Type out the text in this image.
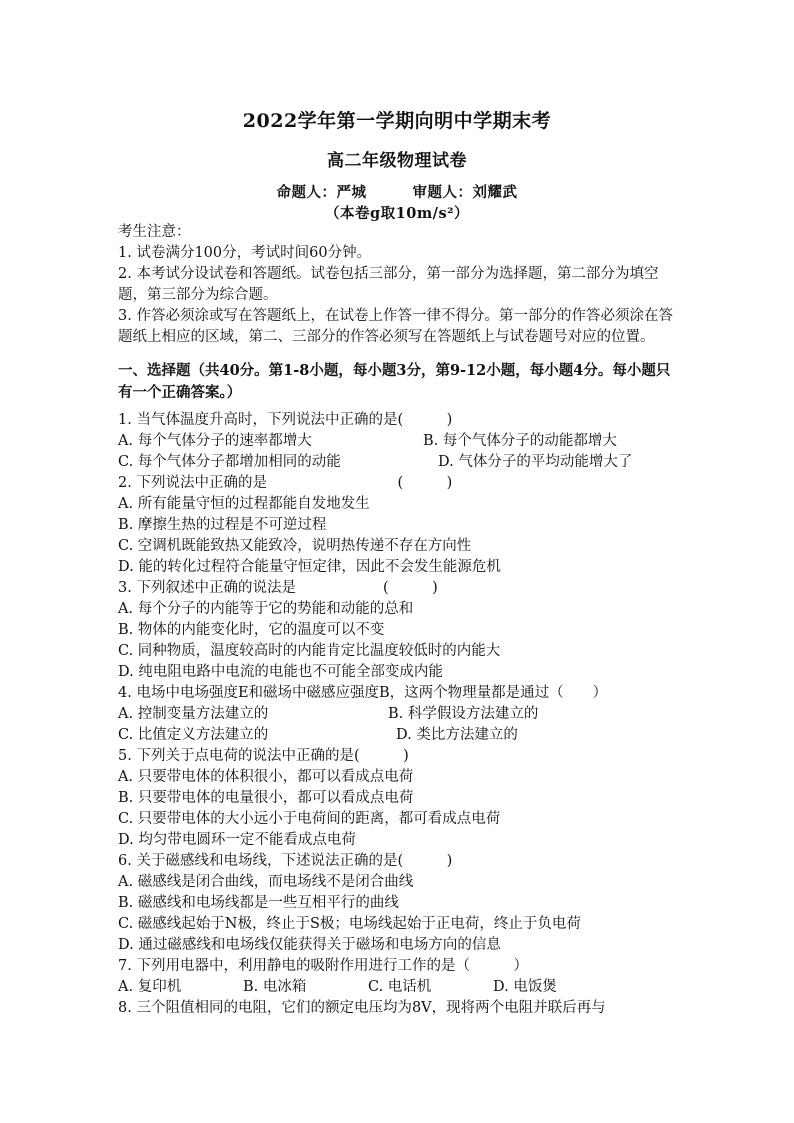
2022学年第一学期向明中学期末考
高二年级物理试卷
命题人：严城	审题人：刘耀武
（本卷g取10m/s²）
考生注意：
1. 试卷满分100分，考试时间60分钟。
2. 本考试分设试卷和答题纸。试卷包括三部分，第一部分为选择题，第二部分为填空题，第三部分为综合题。
3. 作答必须涂或写在答题纸上，在试卷上作答一律不得分。第一部分的作答必须涂在答题纸上相应的区域，第二、三部分的作答必须写在答题纸上与试卷题号对应的位置。
一、选择题（共40分。第1-8小题，每小题3分，第9-12小题，每小题4分。每小题只有一个正确答案。）
1. 当气体温度升高时，下列说法中正确的是(　　　)
A. 每个气体分子的速率都增大	B. 每个气体分子的动能都增大
C. 每个气体分子都增加相同的动能	D. 气体分子的平均动能增大了
2. 下列说法中正确的是　　　　　　　　　(　　　)
A. 所有能量守恒的过程都能自发地发生
B. 摩擦生热的过程是不可逆过程
C. 空调机既能致热又能致冷，说明热传递不存在方向性
D. 能的转化过程符合能量守恒定律，因此不会发生能源危机
3. 下列叙述中正确的说法是　　　　　　(　　　)
A. 每个分子的内能等于它的势能和动能的总和
B. 物体的内能变化时，它的温度可以不变
C. 同种物质，温度较高时的内能肯定比温度较低时的内能大
D. 纯电阻电路中电流的电能也不可能全部变成内能
4. 电场中电场强度E和磁场中磁感应强度B，这两个物理量都是通过（　　）
A. 控制变量方法建立的	B. 科学假设方法建立的
C. 比值定义方法建立的	D. 类比方法建立的
5. 下列关于点电荷的说法中正确的是(　　　)
A. 只要带电体的体积很小，都可以看成点电荷
B. 只要带电体的电量很小，都可以看成点电荷
C. 只要带电体的大小远小于电荷间的距离，都可看成点电荷
D. 均匀带电圆环一定不能看成点电荷
6. 关于磁感线和电场线，下述说法正确的是(　　　)
A. 磁感线是闭合曲线，而电场线不是闭合曲线
B. 磁感线和电场线都是一些互相平行的曲线
C. 磁感线起始于N极，终止于S极；电场线起始于正电荷，终止于负电荷
D. 通过磁感线和电场线仅能获得关于磁场和电场方向的信息
7. 下列用电器中，利用静电的吸附作用进行工作的是（　　　）
A. 复印机	B. 电冰箱	C. 电话机	D. 电饭煲
8. 三个阻值相同的电阻，它们的额定电压均为8V，现将两个电阻并联后再与
